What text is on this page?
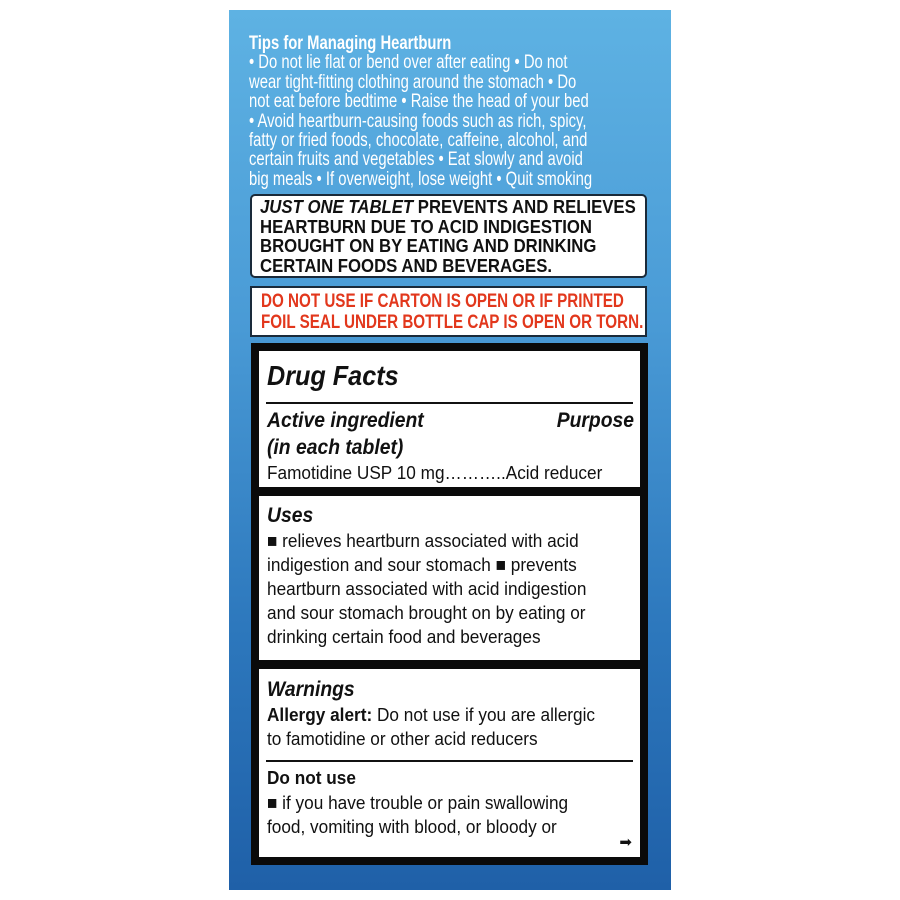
Tips for Managing Heartburn
• Do not lie flat or bend over after eating • Do not
wear tight-fitting clothing around the stomach • Do
not eat before bedtime • Raise the head of your bed
• Avoid heartburn-causing foods such as rich, spicy,
fatty or fried foods, chocolate, caffeine, alcohol, and
certain fruits and vegetables • Eat slowly and avoid
big meals • If overweight, lose weight • Quit smoking
JUST ONE TABLET PREVENTS AND RELIEVES
HEARTBURN DUE TO ACID INDIGESTION
BROUGHT ON BY EATING AND DRINKING
CERTAIN FOODS AND BEVERAGES.
DO NOT USE IF CARTON IS OPEN OR IF PRINTED
FOIL SEAL UNDER BOTTLE CAP IS OPEN OR TORN.
Drug Facts
Active ingredient	Purpose
(in each tablet)
Famotidine USP 10 mg………..Acid reducer
Uses
■ relieves heartburn associated with acid
indigestion and sour stomach ■ prevents
heartburn associated with acid indigestion
and sour stomach brought on by eating or
drinking certain food and beverages
Warnings
Allergy alert: Do not use if you are allergic
to famotidine or other acid reducers
Do not use
■ if you have trouble or pain swallowing
food, vomiting with blood, or bloody or
➡
